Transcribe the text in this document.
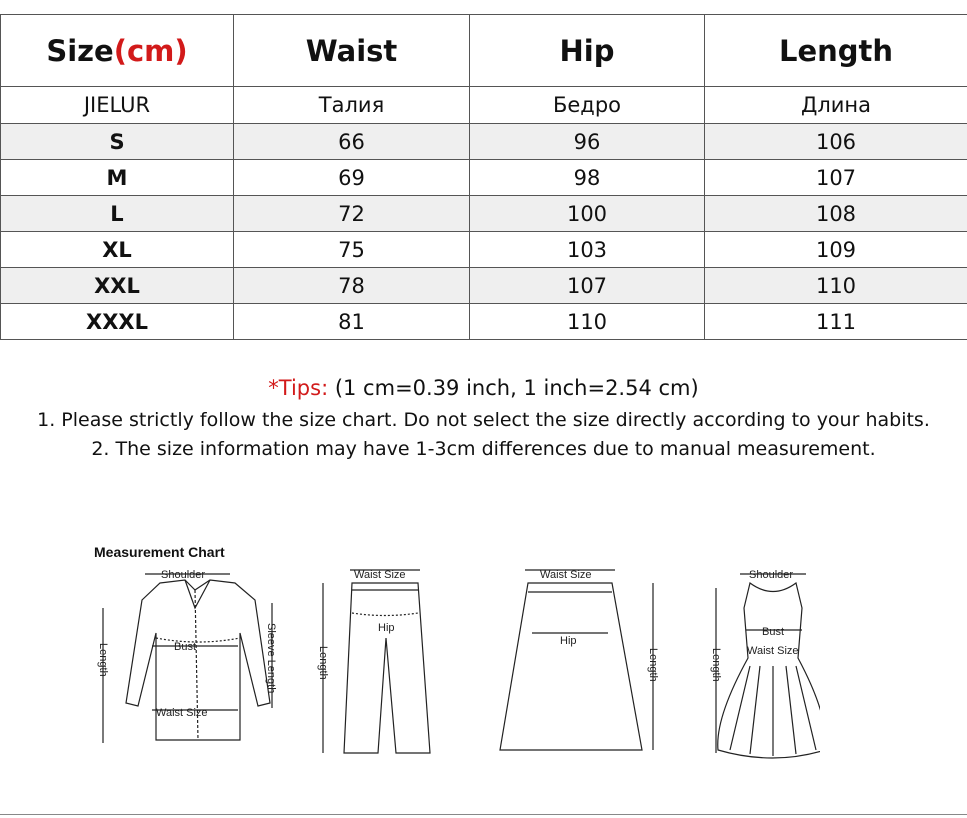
Size(cm)	Waist	Hip	Length
JIELUR	Талия	Бедро	Длина
S	66	96	106
M	69	98	107
L	72	100	108
XL	75	103	109
XXL	78	107	110
XXXL	81	110	111
*Tips: (1 cm=0.39 inch, 1 inch=2.54 cm)
1. Please strictly follow the size chart. Do not select the size directly according to your habits.
2. The size information may have 1-3cm differences due to manual measurement.
Measurement Chart
Shoulder
Bust
Waist Size
Length	Sleeve Length
Waist Size
Hip
Length
Waist Size
Hip
Length
Shoulder
Bust
Waist Size
Length
